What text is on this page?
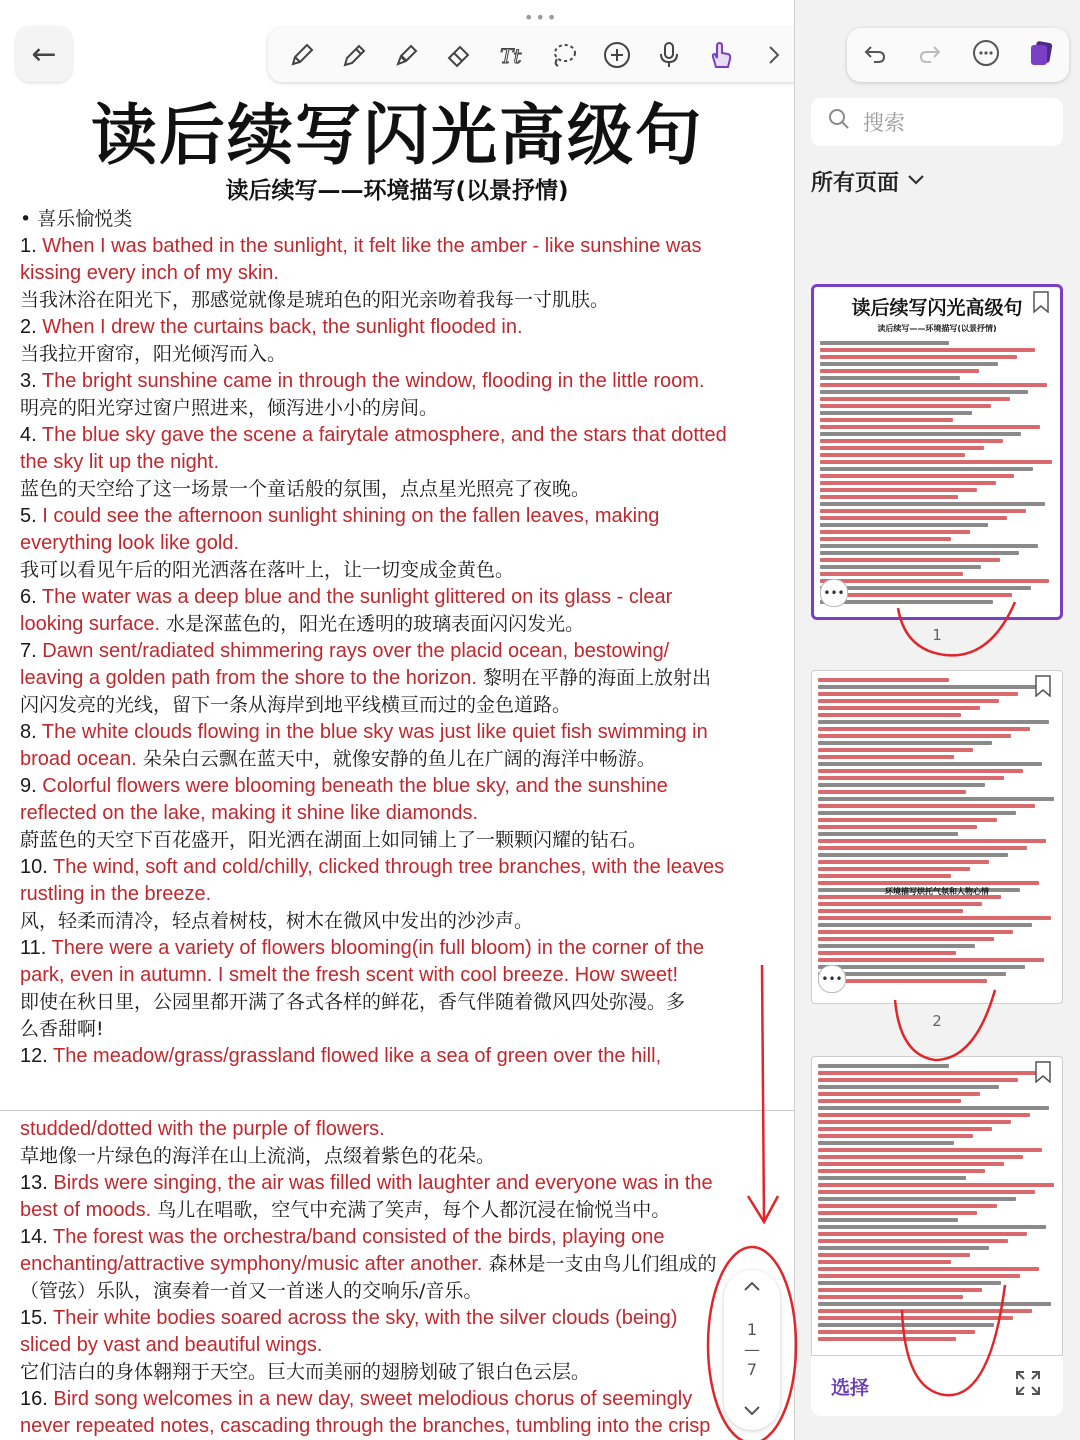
•••
←	Tt
读后续写闪光高级句
读后续写——环境描写(以景抒情)
• 喜乐愉悦类
1. When I was bathed in the sunlight, it felt like the amber - like sunshine was
kissing every inch of my skin.
当我沐浴在阳光下，那感觉就像是琥珀色的阳光亲吻着我每一寸肌肤。
2. When I drew the curtains back, the sunlight flooded in.
当我拉开窗帘，阳光倾泻而入。
3. The bright sunshine came in through the window, flooding in the little room.
明亮的阳光穿过窗户照进来，倾泻进小小的房间。
4. The blue sky gave the scene a fairytale atmosphere, and the stars that dotted
the sky lit up the night.
蓝色的天空给了这一场景一个童话般的氛围，点点星光照亮了夜晚。
5. I could see the afternoon sunlight shining on the fallen leaves, making
everything look like gold.
我可以看见午后的阳光洒落在落叶上，让一切变成金黄色。
6. The water was a deep blue and the sunlight glittered on its glass - clear
looking surface. 水是深蓝色的，阳光在透明的玻璃表面闪闪发光。
7. Dawn sent/radiated shimmering rays over the placid ocean, bestowing/
leaving a golden path from the shore to the horizon. 黎明在平静的海面上放射出
闪闪发亮的光线，留下一条从海岸到地平线横亘而过的金色道路。
8. The white clouds flowing in the blue sky was just like quiet fish swimming in
broad ocean. 朵朵白云飘在蓝天中，就像安静的鱼儿在广阔的海洋中畅游。
9. Colorful flowers were blooming beneath the blue sky, and the sunshine
reflected on the lake, making it shine like diamonds.
蔚蓝色的天空下百花盛开，阳光洒在湖面上如同铺上了一颗颗闪耀的钻石。
10. The wind, soft and cold/chilly, clicked through tree branches, with the leaves
rustling in the breeze.
风，轻柔而清冷，轻点着树枝，树木在微风中发出的沙沙声。
11. There were a variety of flowers blooming(in full bloom) in the corner of the
park, even in autumn. I smelt the fresh scent with cool breeze. How sweet!
即使在秋日里，公园里都开满了各式各样的鲜花，香气伴随着微风四处弥漫。多
么香甜啊!
12. The meadow/grass/grassland flowed like a sea of green over the hill,
studded/dotted with the purple of flowers.
草地像一片绿色的海洋在山上流淌，点缀着紫色的花朵。
13. Birds were singing, the air was filled with laughter and everyone was in the
best of moods. 鸟儿在唱歌，空气中充满了笑声，每个人都沉浸在愉悦当中。
14. The forest was the orchestra/band consisted of the birds, playing one
enchanting/attractive symphony/music after another. 森林是一支由鸟儿们组成的
（管弦）乐队，演奏着一首又一首迷人的交响乐/音乐。
15. Their white bodies soared across the sky, with the silver clouds (being)
sliced by vast and beautiful wings.
它们洁白的身体翱翔于天空。巨大而美丽的翅膀划破了银白色云层。
16. Bird song welcomes in a new day, sweet melodious chorus of seemingly
never repeated notes, cascading through the branches, tumbling into the crisp
1
—
7
搜索
所有页面
读后续写闪光高级句
读后续写——环境描写(以景抒情)
•••
1
环境描写烘托气氛和人物心情
•••
2
选择
